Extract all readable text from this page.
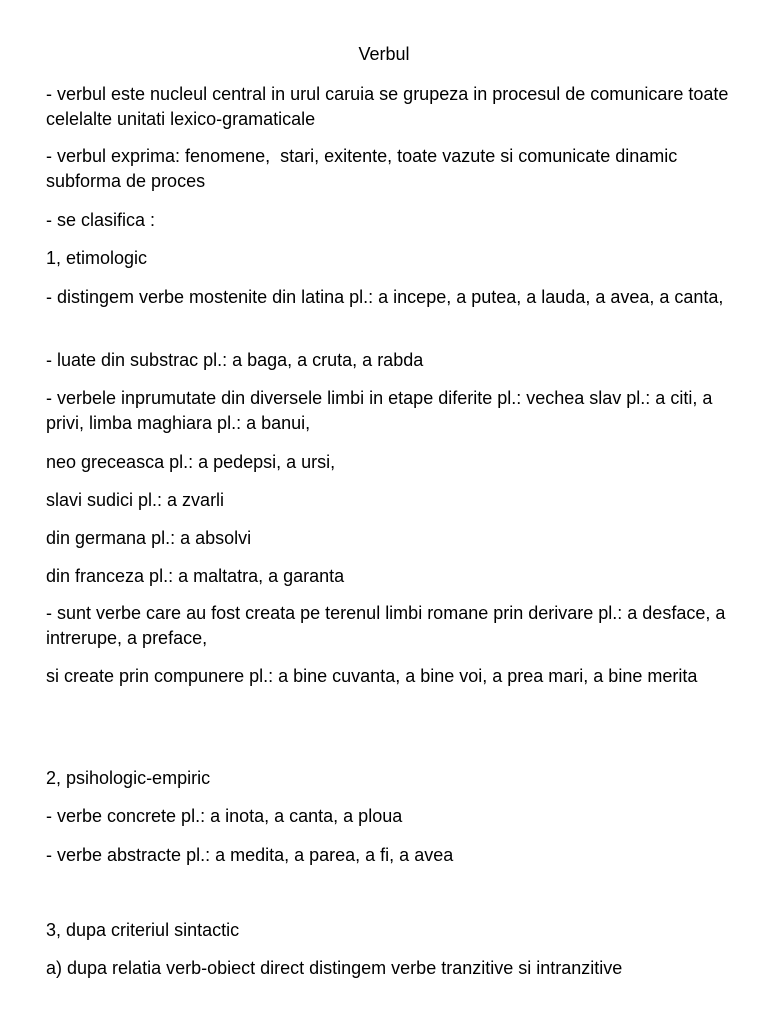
Verbul
- verbul este nucleul central in urul caruia se grupeza in procesul de comunicare toate celelalte unitati lexico-gramaticale
- verbul exprima: fenomene,  stari, exitente, toate vazute si comunicate dinamic subforma de proces
- se clasifica :
1, etimologic
- distingem verbe mostenite din latina pl.: a incepe, a putea, a lauda, a avea, a canta,
- luate din substrac pl.: a baga, a cruta, a rabda
- verbele inprumutate din diversele limbi in etape diferite pl.: vechea slav pl.: a citi, a privi, limba maghiara pl.: a banui,
neo greceasca pl.: a pedepsi, a ursi,
slavi sudici pl.: a zvarli
din germana pl.: a absolvi
din franceza pl.: a maltatra, a garanta
- sunt verbe care au fost creata pe terenul limbi romane prin derivare pl.: a desface, a intrerupe, a preface,
si create prin compunere pl.: a bine cuvanta, a bine voi, a prea mari, a bine merita
2, psihologic-empiric
- verbe concrete pl.: a inota, a canta, a ploua
- verbe abstracte pl.: a medita, a parea, a fi, a avea
3, dupa criteriul sintactic
a) dupa relatia verb-obiect direct distingem verbe tranzitive si intranzitive
